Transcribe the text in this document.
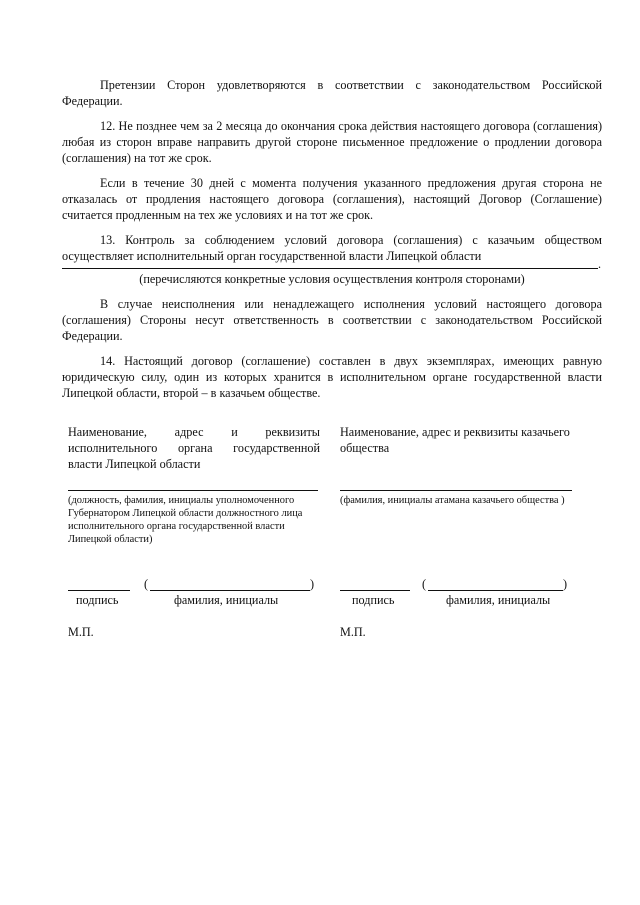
Претензии Сторон удовлетворяются в соответствии с законодательством Российской Федерации.

12. Не позднее чем за 2 месяца до окончания срока действия настоящего договора (соглашения) любая из сторон вправе направить другой стороне письменное предложение о продлении договора (соглашения) на тот же срок.

Если в течение 30 дней с момента получения указанного предложения другая сторона не отказалась от продления настоящего договора (соглашения), настоящий Договор (Соглашение) считается продленным на тех же условиях и на тот же срок.

13. Контроль за соблюдением условий договора (соглашения) с казачьим обществом осуществляет исполнительный орган государственной власти Липецкой области

.
(перечисляются конкретные условия осуществления контроля сторонами)

В случае неисполнения или ненадлежащего исполнения условий настоящего договора (соглашения) Стороны несут ответственность в соответствии с законодательством Российской Федерации.

14. Настоящий договор (соглашение) составлен в двух экземплярах, имеющих равную юридическую силу, один из которых хранится в исполнительном органе государственной власти Липецкой области, второй – в казачьем обществе.

Наименование, адрес и реквизиты исполнительного органа государственной власти Липецкой области
(должность, фамилия, инициалы уполномоченного Губернатором Липецкой области должностного лица исполнительного органа государственной власти Липецкой области)
(	)
подпись	фамилия, инициалы
М.П.
Наименование, адрес и реквизиты казачьего общества
(фамилия, инициалы атамана казачьего общества )
(	)
подпись	фамилия, инициалы
М.П.
